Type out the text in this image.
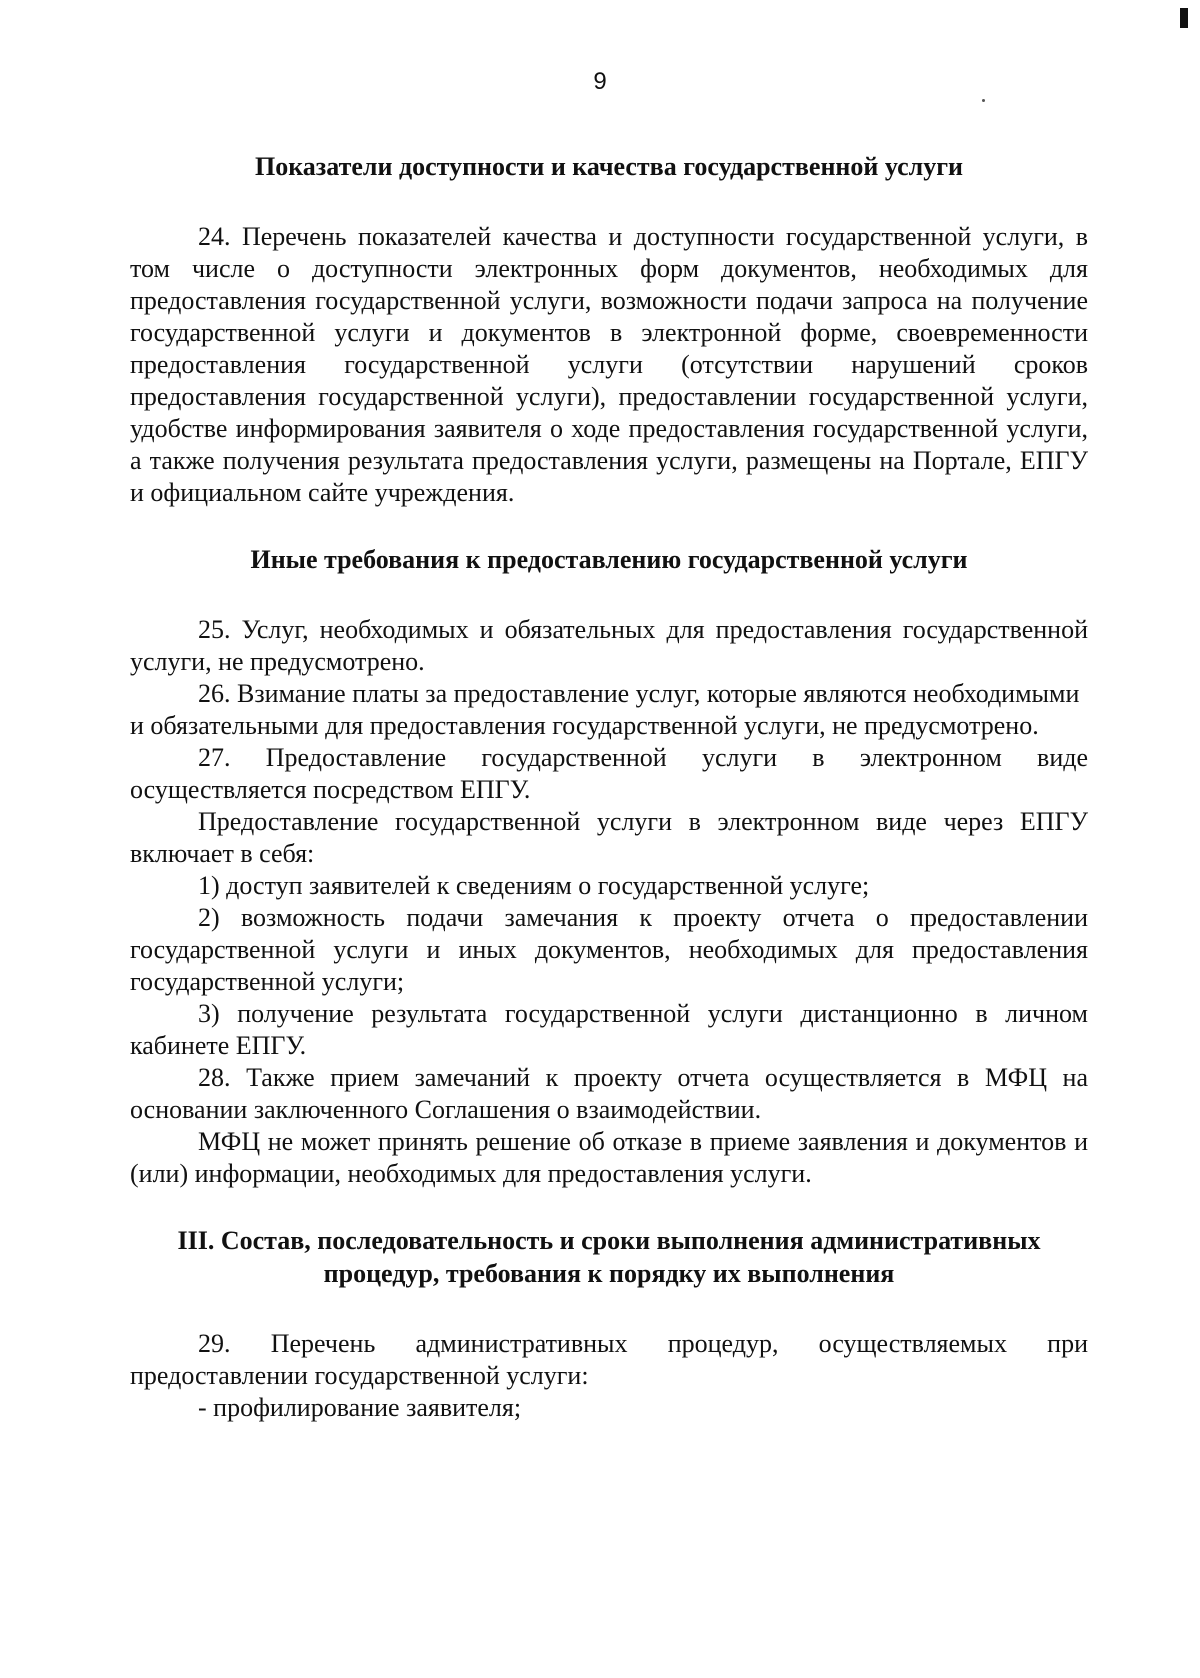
9

Показатели доступности и качества государственной услуги

24. Перечень показателей качества и доступности государственной услуги, в том числе о доступности электронных форм документов, необходимых для предоставления государственной услуги, возможности подачи запроса на получение государственной услуги и документов в электронной форме, своевременности предоставления государственной услуги (отсутствии нарушений сроков предоставления государственной услуги), предоставлении государственной услуги, удобстве информирования заявителя о ходе предоставления государственной услуги, а также получения результата предоставления услуги, размещены на Портале, ЕПГУ и официальном сайте учреждения.

Иные требования к предоставлению государственной услуги

25. Услуг, необходимых и обязательных для предоставления государственной услуги, не предусмотрено.

26. Взимание платы за предоставление услуг, которые являются необходимыми

и обязательными для предоставления государственной услуги, не предусмотрено.

27. Предоставление государственной услуги в электронном виде осуществляется посредством ЕПГУ.

Предоставление государственной услуги в электронном виде через ЕПГУ включает в себя:

1) доступ заявителей к сведениям о государственной услуге;

2) возможность подачи замечания к проекту отчета о предоставлении государственной услуги и иных документов, необходимых для предоставления государственной услуги;

3) получение результата государственной услуги дистанционно в личном кабинете ЕПГУ.

28. Также прием замечаний к проекту отчета осуществляется в МФЦ на основании заключенного Соглашения о взаимодействии.

МФЦ не может принять решение об отказе в приеме заявления и документов и (или) информации, необходимых для предоставления услуги.

III. Состав, последовательность и сроки выполнения административных

процедур, требования к порядку их выполнения

29. Перечень административных процедур, осуществляемых при предоставлении государственной услуги:

- профилирование заявителя;
